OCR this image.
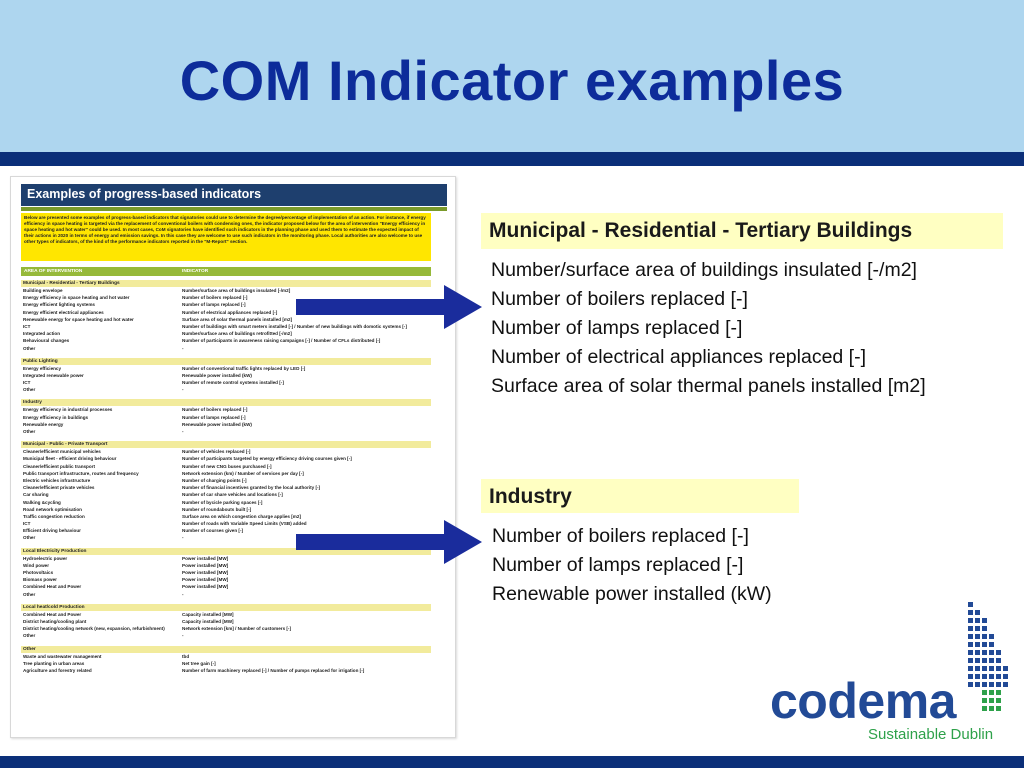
COM Indicator examples
Examples of progress-based indicators
Below are presented some examples of progress-based indicators that signatories could use to determine the degree/percentage of implementation of an action. For instance, if energy efficiency in space heating is targeted via the replacement of conventional boilers with condensing ones, the indicator proposed below for the area of intervention "Energy efficiency in space heating and hot water" could be used. In most cases, CoM signatories have identified such indicators in the planning phase and used them to estimate the expected impact of their actions in 2020 in terms of energy and emission savings. In this case they are welcome to use such indicators in the monitoring phase. Local authorities are also welcome to use other types of indicators, of the kind of the performance indicators reported in the "M-Report" section.
AREA OF INTERVENTION	INDICATOR
Municipal - Residential - Tertiary Buildings
Building envelope	Number/surface area of buildings insulated [-/m2]
Energy efficiency in space heating and hot water	Number of boilers replaced [-]
Energy efficient lighting systems	Number of lamps replaced [-]
Energy efficient electrical appliances	Number of electrical appliances replaced [-]
Renewable energy for space heating and hot water	Surface area of solar thermal panels installed [m2]
ICT	Number of buildings with smart meters installed [-] / Number of new buildings with domotic systems [-]
Integrated action	Number/surface area of buildings retrofitted [-/m2]
Behavioural changes	Number of participants in awareness raising campaigns [-] / Number of CFLs distributed [-]
Other	-
Public Lighting
Energy efficiency	Number of conventional traffic lights replaced by LED [-]
Integrated renewable power	Renewable power installed (kW)
ICT	Number of remote control systems installed [-]
Other	-
Industry
Energy efficiency in industrial processes	Number of boilers replaced [-]
Energy efficiency in buildings	Number of lamps replaced [-]
Renewable energy	Renewable power installed (kW)
Other	-
Municipal - Public - Private Transport
Cleaner/efficient municipal vehicles	Number of vehicles replaced [-]
Municipal fleet - efficient driving behaviour	Number of participants targeted by energy efficiency driving courses given [-]
Cleaner/efficient public transport	Number of new CNG buses purchased [-]
Public transport infrastructure, routes and frequency	Network extension (km) / Number of services per day [-]
Electric vehicles infrastructure	Number of charging points [-]
Cleaner/efficient private vehicles	Number of financial incentives granted by the local authority [-]
Car sharing	Number of car share vehicles and locations [-]
Walking &cycling	Number of bycicle parking spaces [-]
Road network optimisation	Number of roundabouts built [-]
Traffic congestion reduction	Surface area on which congestion charge applies [m2]
ICT	Number of roads with Variable Speed Limits (VSB) added
Efficient driving behaviour	Number of courses given [-]
Other	-
Local Electricity Production
Hydroelectric power	Power installed [MW]
Wind power	Power installed [MW]
Photovoltaics	Power installed [MW]
Biomass power	Power installed [MW]
Combined Heat and Power	Power installed [MW]
Other	-
Local heat/cold Production
Combined Heat and Power	Capacity installed [MW]
District heating/cooling plant	Capacity installed [MW]
District heating/cooling network (new, expansion, refurbishment)	Network extension [km] / Number of customers [-]
Other	-
Other
Waste and wastewater management	tbd
Tree planting in urban areas	Net tree gain [-]
Agriculture and forestry related	Number of farm machinery replaced [-] / Number of pumps replaced for irrigation [-]
Municipal - Residential - Tertiary Buildings
Number/surface area of buildings insulated [-/m2]
Number of boilers replaced [-]
Number of lamps replaced [-]
Number of electrical appliances replaced [-]
Surface area of solar thermal panels installed [m2]
Industry
Number of boilers replaced [-]
Number of lamps replaced [-]
Renewable power installed (kW)
codema
Sustainable Dublin
